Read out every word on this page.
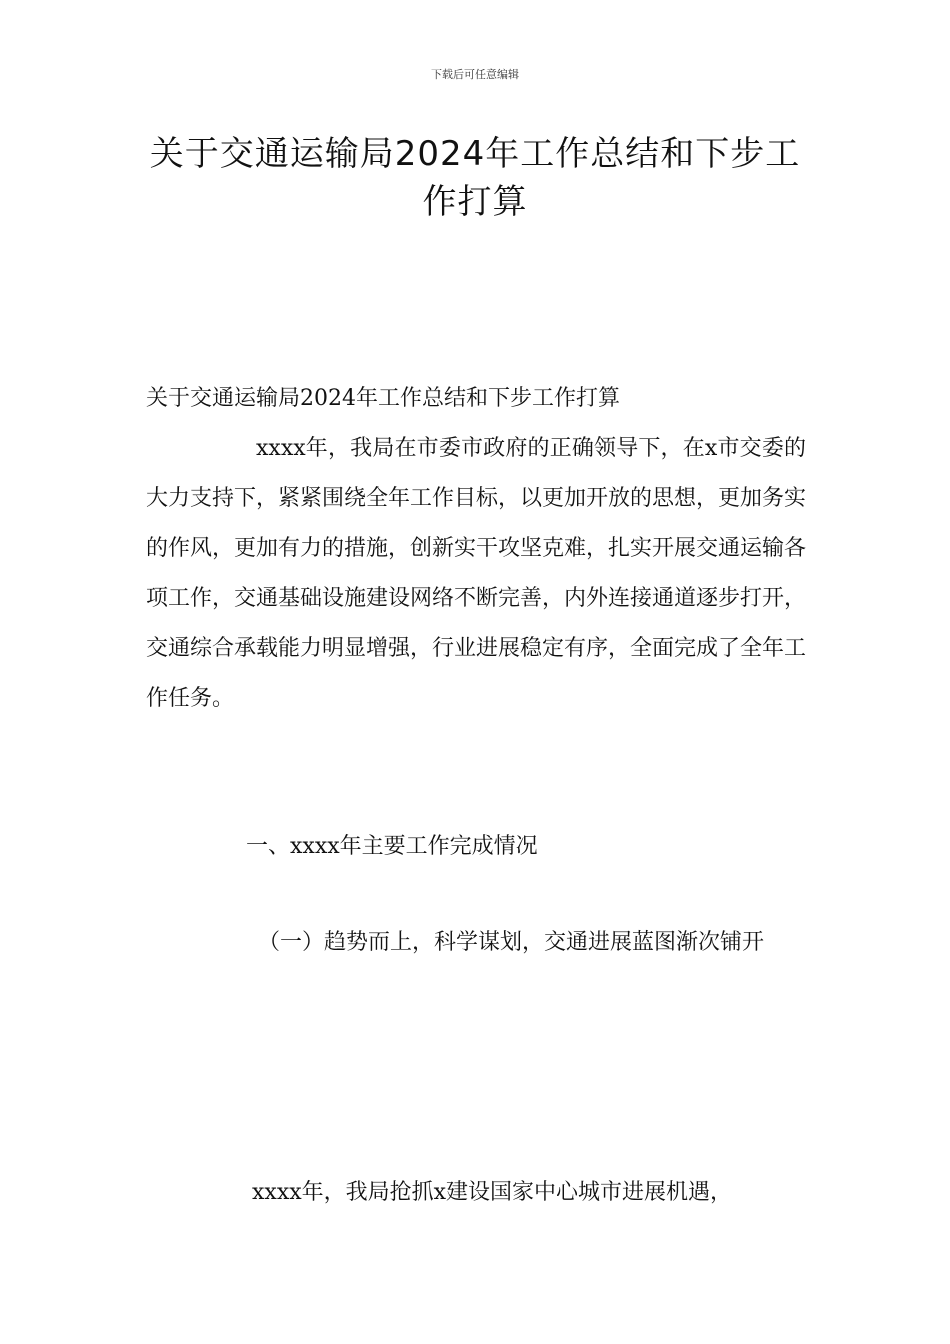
下载后可任意编辑
关于交通运输局2024年工作总结和下步工作打算

关于交通运输局2024年工作总结和下步工作打算

xxxx年，我局在市委市政府的正确领导下，在x市交委的大力支持下，紧紧围绕全年工作目标，以更加开放的思想，更加务实的作风，更加有力的措施，创新实干攻坚克难，扎实开展交通运输各项工作，交通基础设施建设网络不断完善，内外连接通道逐步打开，交通综合承载能力明显增强，行业进展稳定有序，全面完成了全年工作任务。

一、xxxx年主要工作完成情况

（一）趋势而上，科学谋划，交通进展蓝图渐次铺开

xxxx年，我局抢抓x建设国家中心城市进展机遇，
